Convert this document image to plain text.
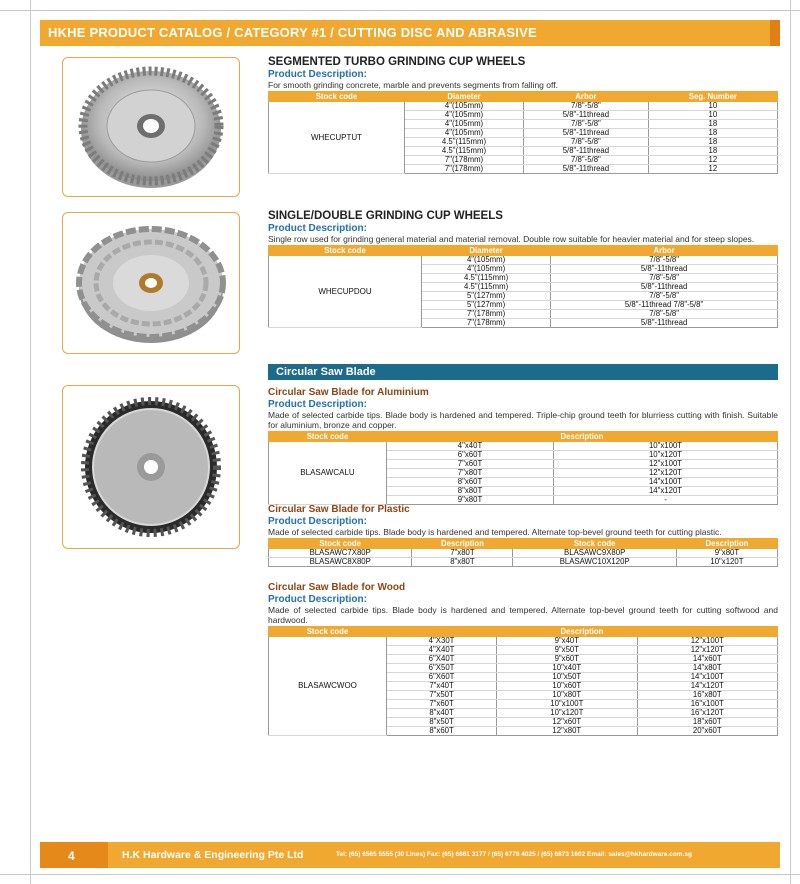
HKHE PRODUCT CATALOG / CATEGORY #1 / CUTTING DISC AND ABRASIVE
SEGMENTED TURBO GRINDING CUP WHEELS
Product Description:

For smooth grinding concrete, marble and prevents segments from falling off.

Stock code	Diameter	Arbor	Seg. Number
WHECUPTUT	4"(105mm)	7/8"-5/8"	10
	4"(105mm)	5/8"-11thread	10
	4"(105mm)	7/8"-5/8"	18
	4"(105mm)	5/8"-11thread	18
	4.5"(115mm)	7/8"-5/8"	18
	4.5"(115mm)	5/8"-11thread	18
	7"(178mm)	7/8"-5/8"	12
	7"(178mm)	5/8"-11thread	12
SINGLE/DOUBLE GRINDING CUP WHEELS
Product Description:

Single row used for grinding general material and material removal. Double row suitable for heavier material and for steep slopes.

Stock code	Diameter	Arbor
WHECUPDOU	4"(105mm)	7/8"-5/8"
	4"(105mm)	5/8"-11thread
	4.5"(115mm)	7/8"-5/8"
	4.5"(115mm)	5/8"-11thread
	5"(127mm)	7/8"-5/8"
	5"(127mm)	5/8"-11thread 7/8"-5/8"
	7"(178mm)	7/8"-5/8"
	7"(178mm)	5/8"-11thread
Circular Saw Blade
Circular Saw Blade for Aluminium
Product Description:

Made of selected carbide tips. Blade body is hardened and tempered. Triple-chip ground teeth for blurriess cutting with finish. Suitable for aluminium, bronze and copper.

Stock code	Description	
BLASAWCALU	4"x40T	10"x100T
	6"x60T	10"x120T
	7"x60T	12"x100T
	7"x80T	12"x120T
	8"x60T	14"x100T
	8"x80T	14"x120T
	9"x80T	-
Circular Saw Blade for Plastic
Product Description:

Made of selected carbide tips. Blade body is hardened and tempered. Alternate top-bevel ground teeth for cutting plastic.

Stock code	Description	Stock code	Description
BLASAWC7X80P	7"x80T	BLASAWC9X80P	9"x80T
BLASAWC8X80P	8"x80T	BLASAWC10X120P	10"x120T
Circular Saw Blade for Wood
Product Description:

Made of selected carbide tips. Blade body is hardened and tempered. Alternate top-bevel ground teeth for cutting softwood and hardwood.

Stock code	Description		
BLASAWCWOO	4"X30T	9"x40T	12"x100T
	4"X40T	9"x50T	12"x120T
	6"X40T	9"x60T	14"x60T
	6"X50T	10"x40T	14"x80T
	6"X60T	10"x50T	14"x100T
	7"x40T	10"x60T	14"x120T
	7"x50T	10"x80T	16"x80T
	7"x60T	10"x100T	16"x100T
	8"x40T	10"x120T	16"x120T
	8"x50T	12"x60T	18"x60T
	8"x60T	12"x80T	20"x60T
4	H.K Hardware & Engineering Pte Ltd	Tel: (65) 6565 5555 (30 Lines) Fax: (65) 6861 3177 / (65) 6778 4025 / (65) 6873 1602 Email: sales@hkhardware.com.sg
